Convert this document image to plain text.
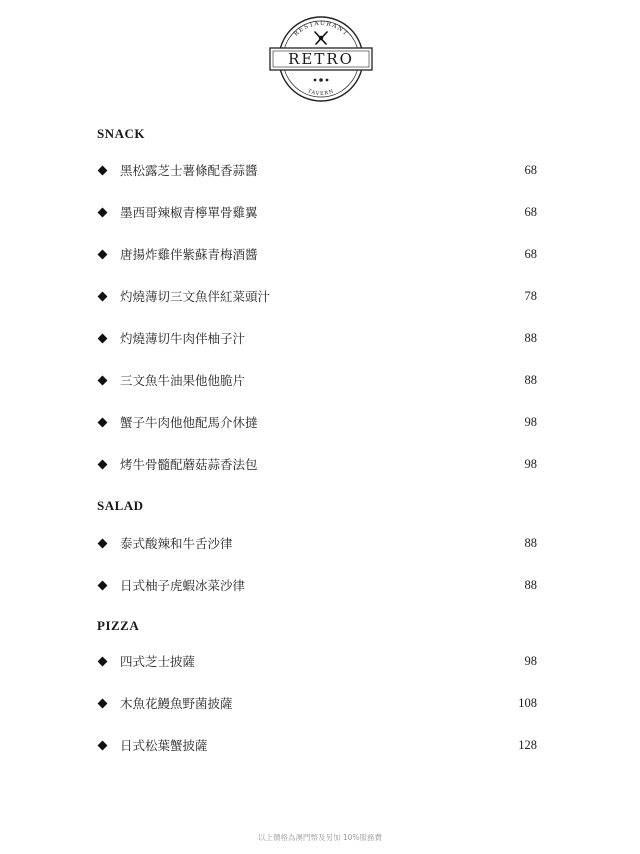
RESTAURANT
TAVERN
RETRO
SNACK
黑松露芝士薯條配香蒜醬	68
墨西哥辣椒青檸單骨雞翼	68
唐揚炸雞伴紫蘇青梅酒醬	68
灼燒薄切三文魚伴紅菜頭汁	78
灼燒薄切牛肉伴柚子汁	88
三文魚牛油果他他脆片	88
蟹子牛肉他他配馬介休撻	98
烤牛骨髓配蘑菇蒜香法包	98
SALAD
泰式酸辣和牛舌沙律	88
日式柚子虎蝦冰菜沙律	88
PIZZA
四式芝士披薩	98
木魚花鰻魚野菌披薩	108
日式松葉蟹披薩	128
以上價格為澳門幣及另加 10%服務費
